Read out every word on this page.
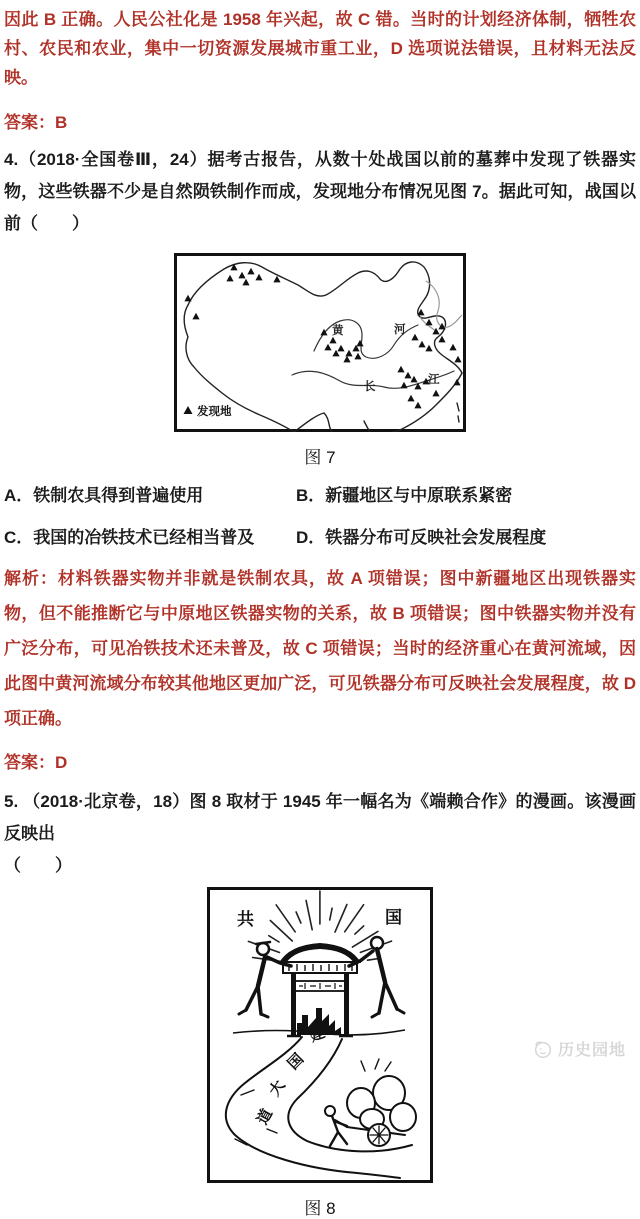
因此 B 正确。人民公社化是 1958 年兴起，故 C 错。当时的计划经济体制，牺牲农村、农民和农业，集中一切资源发展城市重工业，D 选项说法错误，且材料无法反映。

答案：B

4.（2018·全国卷Ⅲ，24）据考古报告，从数十处战国以前的墓葬中发现了铁器实物，这些铁器不少是自然陨铁制作而成，发现地分布情况见图 7。据此可知，战国以前（　　）

黄	河
长
江
发现地
图 7
A．铁制农具得到普遍使用	B．新疆地区与中原联系紧密
C．我国的冶铁技术已经相当普及	D．铁器分布可反映社会发展程度

解析：材料铁器实物并非就是铁制农具，故 A 项错误；图中新疆地区出现铁器实物，但不能推断它与中原地区铁器实物的关系，故 B 项错误；图中铁器实物并没有广泛分布，可见冶铁技术还未普及，故 C 项错误；当时的经济重心在黄河流域，因此图中黄河流域分布较其他地区更加广泛，可见铁器分布可反映社会发展程度，故 D 项正确。

答案：D

5. （2018·北京卷，18）图 8 取材于 1945 年一幅名为《端赖合作》的漫画。该漫画反映出
（　　）

建
国
大
道
共	国
图 8
历史园地
